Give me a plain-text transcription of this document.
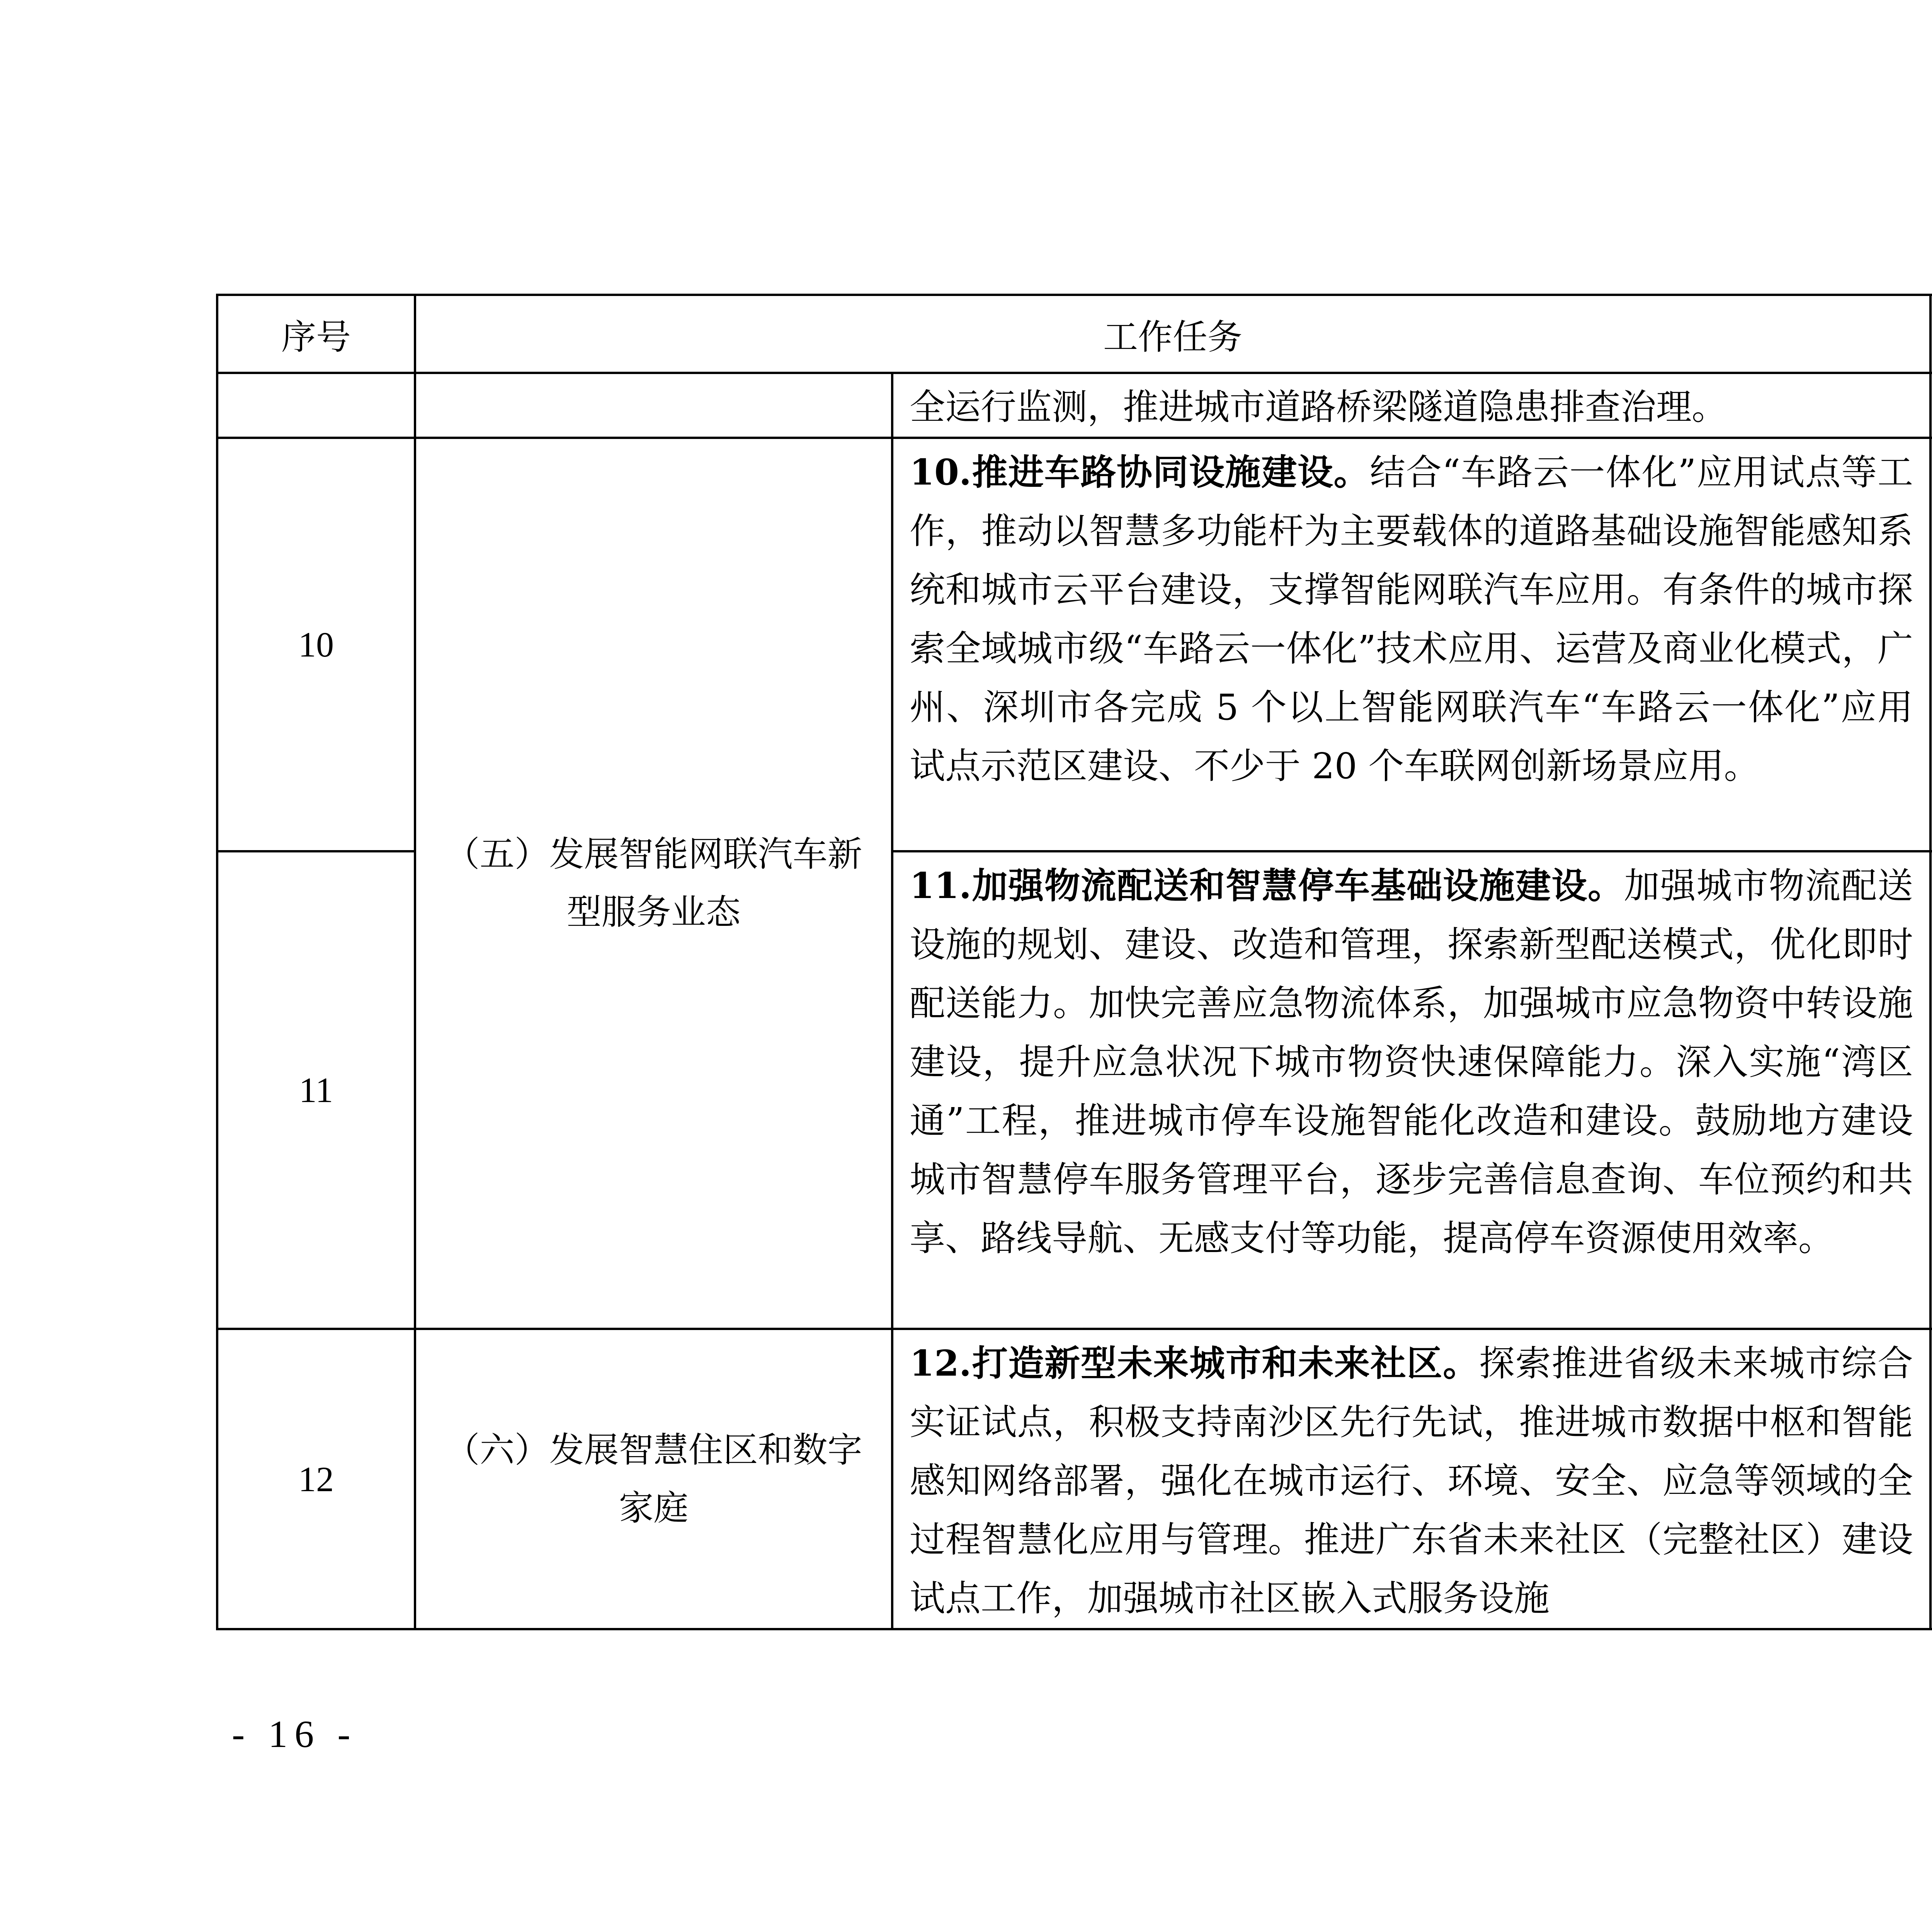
序号	工作任务	
		全运行监测，推进城市道路桥梁隧道隐患排查治理。	
10	（五）发展智能网联汽车新型服务业态	10.推进车路协同设施建设。结合“车路云一体化”应用试点等工作，推动以智慧多功能杆为主要载体的道路基础设施智能感知系统和城市云平台建设，支撑智能网联汽车应用。有条件的城市探索全域城市级“车路云一体化”技术应用、运营及商业化模式，广州、深圳市各完成 5 个以上智能网联汽车“车路云一体化”应用试点示范区建设、不少于 20 个车联网创新场景应用。	
11		11.加强物流配送和智慧停车基础设施建设。加强城市物流配送设施的规划、建设、改造和管理，探索新型配送模式，优化即时配送能力。加快完善应急物流体系，加强城市应急物资中转设施建设，提升应急状况下城市物资快速保障能力。深入实施“湾区通”工程，推进城市停车设施智能化改造和建设。鼓励地方建设城市智慧停车服务管理平台，逐步完善信息查询、车位预约和共享、路线导航、无感支付等功能，提高停车资源使用效率。	
12	（六）发展智慧住区和数字家庭	12.打造新型未来城市和未来社区。探索推进省级未来城市综合实证试点，积极支持南沙区先行先试，推进城市数据中枢和智能感知网络部署，强化在城市运行、环境、安全、应急等领域的全过程智慧化应用与管理。推进广东省未来社区（完整社区）建设试点工作，加强城市社区嵌入式服务设施	
- 16 -
